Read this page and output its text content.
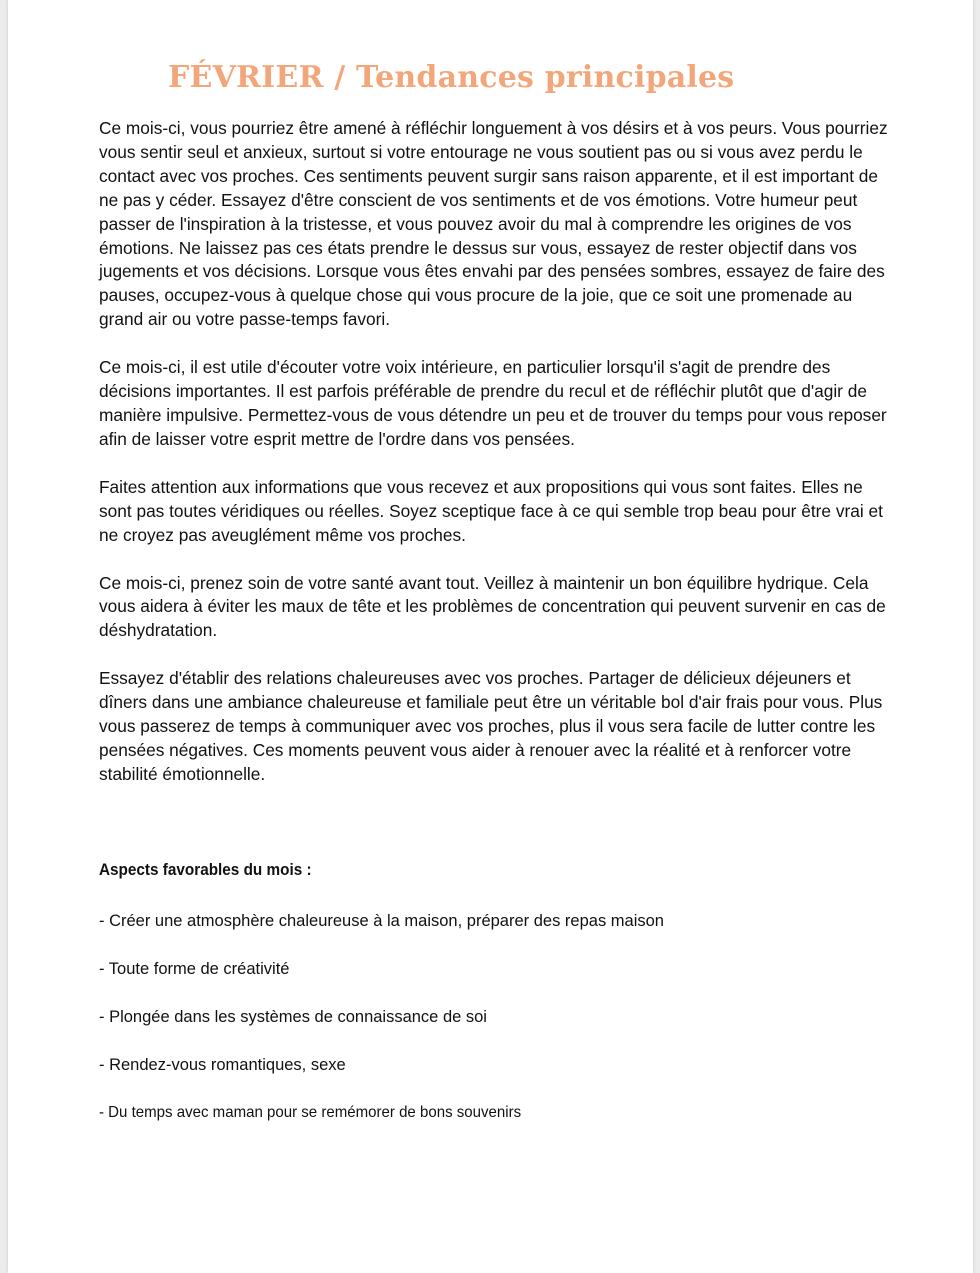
FÉVRIER / Tendances principales

Ce mois-ci, vous pourriez être amené à réfléchir longuement à vos désirs et à vos peurs. Vous pourriez vous sentir seul et anxieux, surtout si votre entourage ne vous soutient pas ou si vous avez perdu le contact avec vos proches. Ces sentiments peuvent surgir sans raison apparente, et il est important de ne pas y céder. Essayez d'être conscient de vos sentiments et de vos émotions. Votre humeur peut passer de l'inspiration à la tristesse, et vous pouvez avoir du mal à comprendre les origines de vos émotions. Ne laissez pas ces états prendre le dessus sur vous, essayez de rester objectif dans vos jugements et vos décisions. Lorsque vous êtes envahi par des pensées sombres, essayez de faire des pauses, occupez-vous à quelque chose qui vous procure de la joie, que ce soit une promenade au grand air ou votre passe-temps favori.

Ce mois-ci, il est utile d'écouter votre voix intérieure, en particulier lorsqu'il s'agit de prendre des décisions importantes. Il est parfois préférable de prendre du recul et de réfléchir plutôt que d'agir de manière impulsive. Permettez-vous de vous détendre un peu et de trouver du temps pour vous reposer afin de laisser votre esprit mettre de l'ordre dans vos pensées.

Faites attention aux informations que vous recevez et aux propositions qui vous sont faites. Elles ne sont pas toutes véridiques ou réelles. Soyez sceptique face à ce qui semble trop beau pour être vrai et ne croyez pas aveuglément même vos proches.

Ce mois-ci, prenez soin de votre santé avant tout. Veillez à maintenir un bon équilibre hydrique. Cela vous aidera à éviter les maux de tête et les problèmes de concentration qui peuvent survenir en cas de déshydratation.

Essayez d'établir des relations chaleureuses avec vos proches. Partager de délicieux déjeuners et dîners dans une ambiance chaleureuse et familiale peut être un véritable bol d'air frais pour vous. Plus vous passerez de temps à communiquer avec vos proches, plus il vous sera facile de lutter contre les pensées négatives. Ces moments peuvent vous aider à renouer avec la réalité et à renforcer votre stabilité émotionnelle.

Aspects favorables du mois :
- Créer une atmosphère chaleureuse à la maison, préparer des repas maison
- Toute forme de créativité
- Plongée dans les systèmes de connaissance de soi
- Rendez-vous romantiques, sexe
- Du temps avec maman pour se remémorer de bons souvenirs
